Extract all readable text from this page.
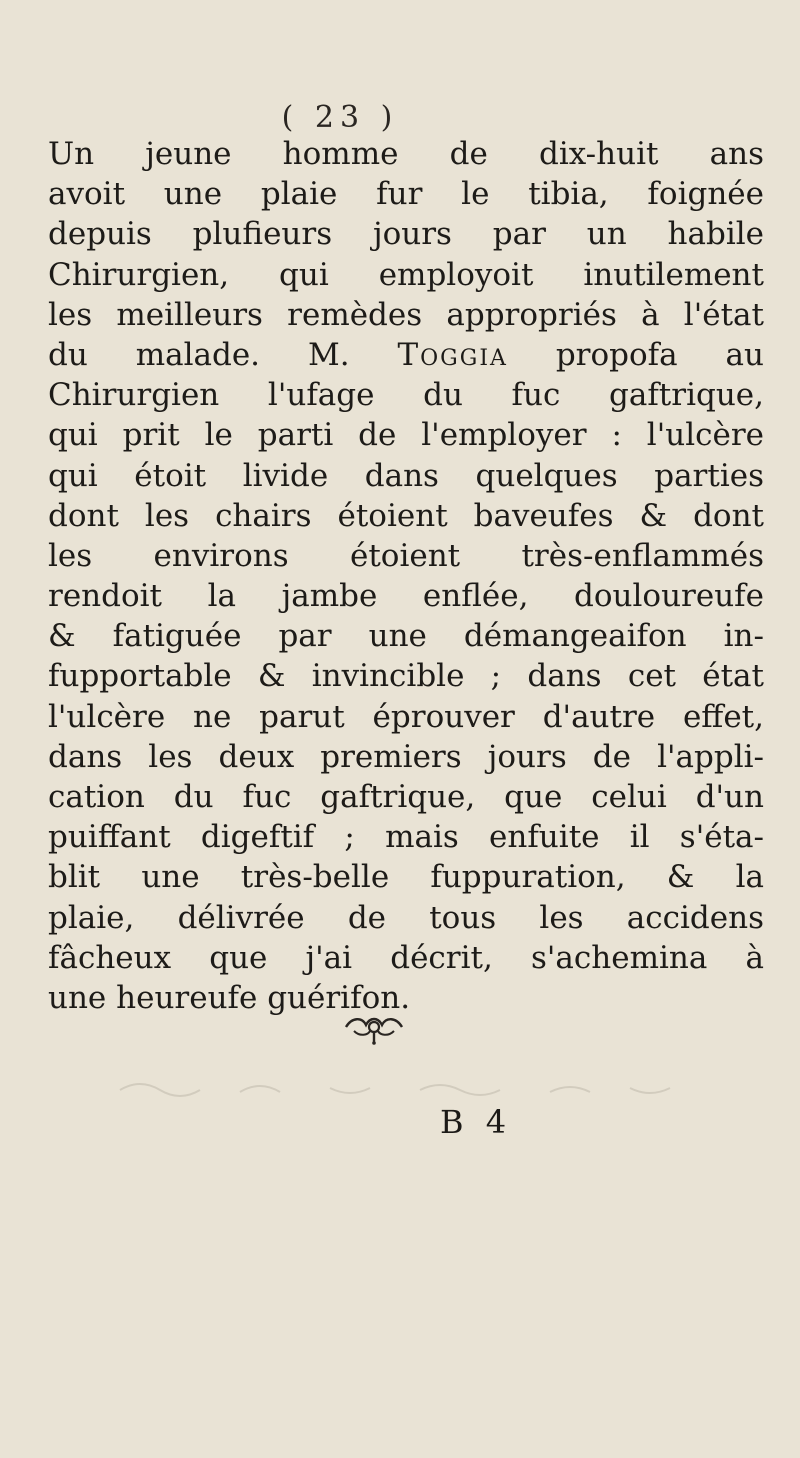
( 23 )
Un jeune homme de dix-huit ans
avoit une plaie fur le tibia, foignée
depuis plufieurs jours par un habile
Chirurgien, qui employoit inutilement
les meilleurs remèdes appropriés à l'état
du malade. M. Toggia propofa au
Chirurgien l'ufage du fuc gaftrique,
qui prit le parti de l'employer : l'ulcère
qui étoit livide dans quelques parties
dont les chairs étoient baveufes & dont
les environs étoient très-enflammés
rendoit la jambe enflée, douloureufe
& fatiguée par une démangeaifon in-
fupportable & invincible ; dans cet état
l'ulcère ne parut éprouver d'autre effet,
dans les deux premiers jours de l'appli-
cation du fuc gaftrique, que celui d'un
puiffant digeftif ; mais enfuite il s'éta-
blit une très-belle fuppuration, & la
plaie, délivrée de tous les accidens
fâcheux que j'ai décrit, s'achemina à
une heureufe guérifon.
B 4
